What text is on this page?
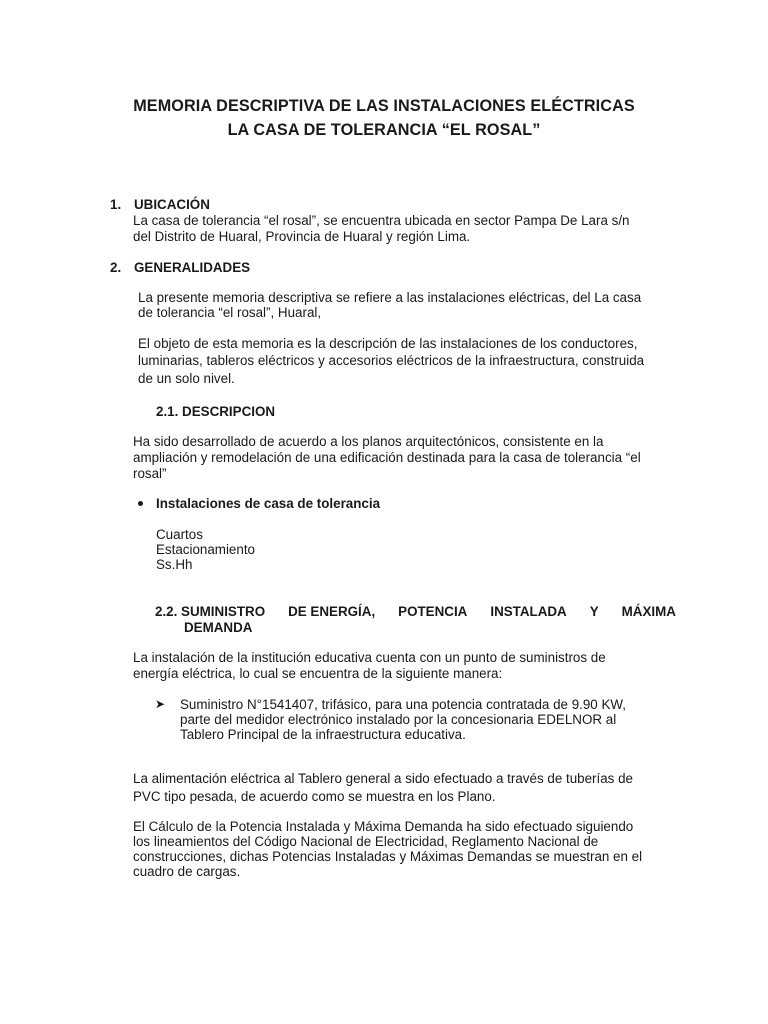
MEMORIA DESCRIPTIVA DE LAS INSTALACIONES ELÉCTRICAS
LA CASA DE TOLERANCIA “EL ROSAL”
1. UBICACIÓN
La casa de tolerancia “el rosal”, se encuentra ubicada en sector Pampa De Lara s/n
del Distrito de Huaral, Provincia de Huaral y región Lima.
2. GENERALIDADES
La presente memoria descriptiva se refiere a las instalaciones eléctricas, del La casa
de tolerancia “el rosal”, Huaral,
El objeto de esta memoria es la descripción de las instalaciones de los conductores,
luminarias, tableros eléctricos y accesorios eléctricos de la infraestructura, construida
de un solo nivel.
2.1. DESCRIPCION
Ha sido desarrollado de acuerdo a los planos arquitectónicos, consistente en la
ampliación y remodelación de una edificación destinada para la casa de tolerancia “el
rosal”
Instalaciones de casa de tolerancia
Cuartos
Estacionamiento
Ss.Hh
2.2. SUMINISTRO DE ENERGÍA, POTENCIA INSTALADA Y MÁXIMA
DEMANDA
La instalación de la institución educativa cuenta con un punto de suministros de
energía eléctrica, lo cual se encuentra de la siguiente manera:
➤ Suministro N°1541407, trifásico, para una potencia contratada de 9.90 KW,
parte del medidor electrónico instalado por la concesionaria EDELNOR al
Tablero Principal de la infraestructura educativa.
La alimentación eléctrica al Tablero general a sido efectuado a través de tuberías de
PVC tipo pesada, de acuerdo como se muestra en los Plano.
El Cálculo de la Potencia Instalada y Máxima Demanda ha sido efectuado siguiendo
los lineamientos del Código Nacional de Electricidad, Reglamento Nacional de
construcciones, dichas Potencias Instaladas y Máximas Demandas se muestran en el
cuadro de cargas.
